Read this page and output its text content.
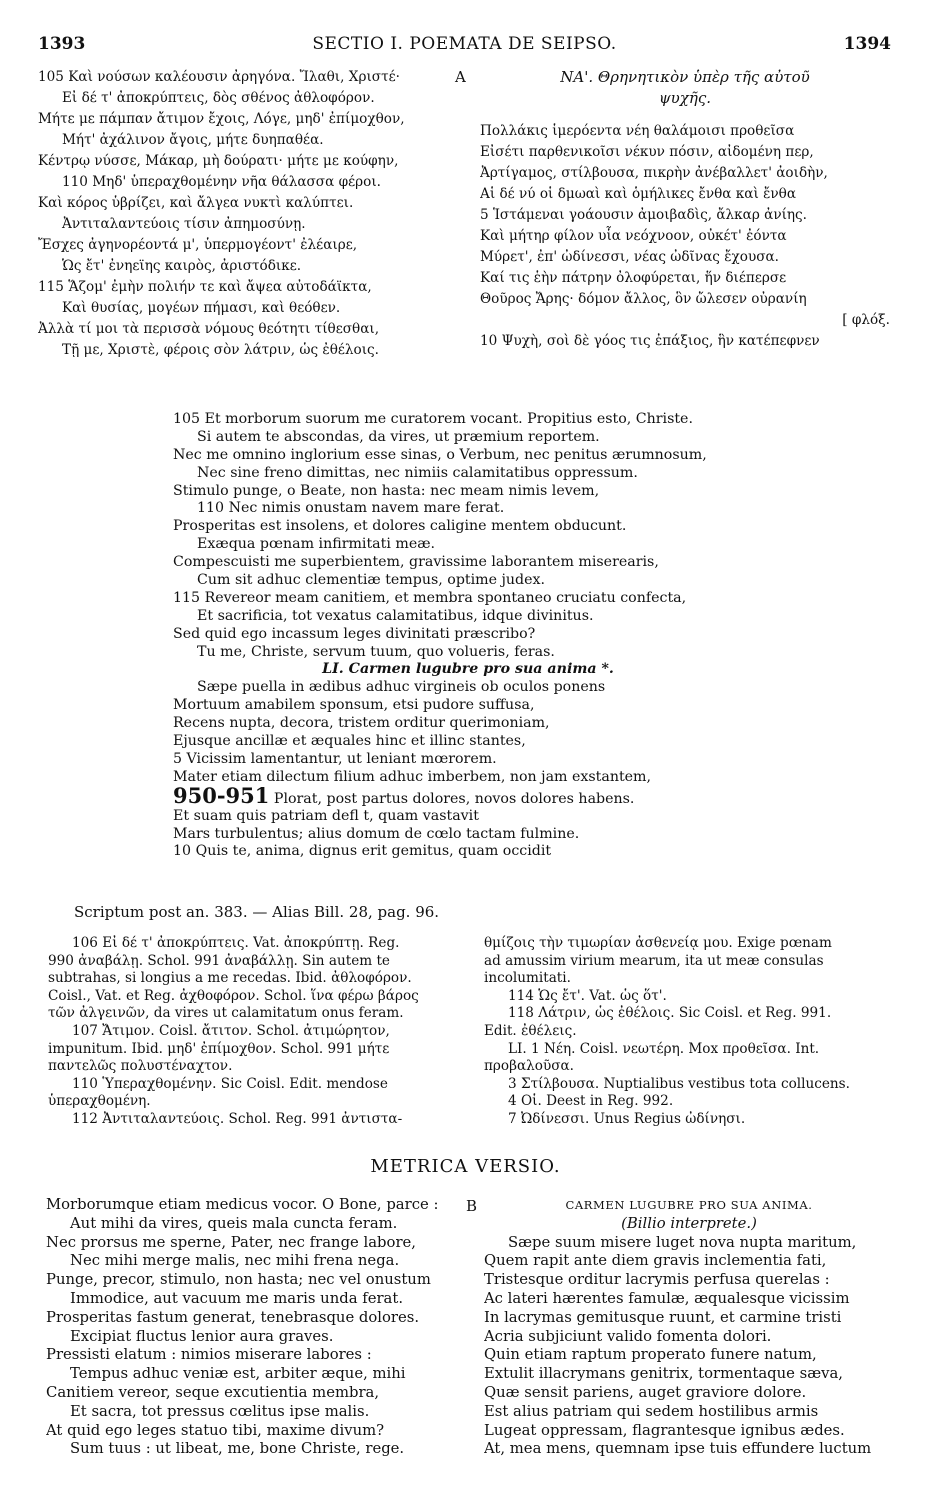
1393	SECTIO I. POEMATA DE SEIPSO.	1394
105 Καὶ νούσων καλέουσιν ἀρηγόνα. Ἴλαθι, Χριστέ·
Εἰ δέ τ' ἀποκρύπτεις, δὸς σθένος ἀθλοφόρον.
Μήτε με πάμπαν ἄτιμον ἔχοις, Λόγε, μηδ' ἐπίμοχθον,
Μήτ' ἀχάλινον ἄγοις, μήτε δυηπαθέα.
Κέντρῳ νύσσε, Μάκαρ, μὴ δούρατι· μήτε με κούφην,
110 Μηδ' ὑπεραχθομένην νῆα θάλασσα φέροι.
Καὶ κόρος ὑβρίζει, καὶ ἄλγεα νυκτὶ καλύπτει.
Ἀντιταλαντεύοις τίσιν ἀπημοσύνῃ.
Ἔσχες ἀγηνορέοντά μ', ὑπερμογέοντ' ἐλέαιρε,
Ὡς ἔτ' ἐνηεϊης καιρὸς, ἀριστόδικε.
115 Ἅζομ' ἐμὴν πολιήν τε καὶ ἄψεα αὐτοδάϊκτα,
Καὶ θυσίας, μογέων πήμασι, καὶ θεόθεν.
Ἀλλὰ τί μοι τὰ περισσὰ νόμους θεότητι τίθεσθαι,
Τῇ με, Χριστὲ, φέροις σὸν λάτριν, ὡς ἐθέλοις.
A	ΝΑ'. Θρηνητικὸν ὑπὲρ τῆς αὐτοῦ
ψυχῆς.
Πολλάκις ἱμερόεντα νέη θαλάμοισι προθεῖσα
Εἰσέτι παρθενικοῖσι νέκυν πόσιν, αἰδομένη περ,
Ἀρτίγαμος, στίλβουσα, πικρὴν ἀνέβαλλετ' ἀοιδὴν,
Αἱ δέ νύ οἱ δμωαὶ καὶ ὁμήλικες ἔνθα καὶ ἔνθα
5 Ἱστάμεναι γοάουσιν ἀμοιβαδὶς, ἄλκαρ ἀνίης.
Καὶ μήτηρ φίλον υἷα νεόχνοον, οὐκέτ' ἐόντα
Μύρετ', ἐπ' ὠδίνεσσι, νέας ὠδῖνας ἔχουσα.
Καί τις ἑὴν πάτρην ὀλοφύρεται, ἥν διέπερσε
Θοῦρος Ἄρης· δόμον ἄλλος, ὃν ὤλεσεν οὐρανίη
[ φλόξ.
10 Ψυχὴ, σοὶ δὲ γόος τις ἐπάξιος, ἣν κατέπεφνεν
105 Et morborum suorum me curatorem vocant. Propitius esto, Christe.
Si autem te abscondas, da vires, ut præmium reportem.
Nec me omnino inglorium esse sinas, o Verbum, nec penitus ærumnosum,
Nec sine freno dimittas, nec nimiis calamitatibus oppressum.
Stimulo punge, o Beate, non hasta: nec meam nimis levem,
110 Nec nimis onustam navem mare ferat.
Prosperitas est insolens, et dolores caligine mentem obducunt.
Exæqua pœnam infirmitati meæ.
Compescuisti me superbientem, gravissime laborantem miserearis,
Cum sit adhuc clementiæ tempus, optime judex.
115 Revereor meam canitiem, et membra spontaneo cruciatu confecta,
Et sacrificia, tot vexatus calamitatibus, idque divinitus.
Sed quid ego incassum leges divinitati præscribo?
Tu me, Christe, servum tuum, quo volueris, feras.
LI. Carmen lugubre pro sua anima *.
Sæpe puella in ædibus adhuc virgineis ob oculos ponens
Mortuum amabilem sponsum, etsi pudore suffusa,
Recens nupta, decora, tristem orditur querimoniam,
Ejusque ancillæ et æquales hinc et illinc stantes,
5 Vicissim lamentantur, ut leniant mœrorem.
Mater etiam dilectum filium adhuc imberbem, non jam exstantem,
950-951 Plorat, post partus dolores, novos dolores habens.
Et suam quis patriam defl t, quam vastavit
Mars turbulentus; alius domum de cœlo tactam fulmine.
10 Quis te, anima, dignus erit gemitus, quam occidit
Scriptum post an. 383. — Alias Bill. 28, pag. 96.
106 Εἰ δέ τ' ἀποκρύπτεις. Vat. ἀποκρύπτῃ. Reg.
990 ἀναβάλῃ. Schol. 991 ἀναβάλλῃ. Sin autem te
subtrahas, si longius a me recedas. Ibid. ἀθλοφόρον.
Coisl., Vat. et Reg. ἀχθοφόρον. Schol. ἵνα φέρω βάρος
τῶν ἀλγεινῶν, da vires ut calamitatum onus feram.
107 Ἄτιμον. Coisl. ἄτιτον. Schol. ἀτιμώρητον,
impunitum. Ibid. μηδ' ἐπίμοχθον. Schol. 991 μήτε
παντελῶς πολυστέναχτον.
110 Ὑπεραχθομένην. Sic Coisl. Edit. mendose
ὑπεραχθομένη.
112 Ἀντιταλαντεύοις. Schol. Reg. 991 ἀντιστα-
θμίζοις τὴν τιμωρίαν ἀσθενείᾳ μου. Exige pœnam
ad amussim virium mearum, ita ut meæ consulas
incolumitati.
114 Ὡς ἔτ'. Vat. ὡς ὅτ'.
118 Λάτριν, ὡς ἐθέλοις. Sic Coisl. et Reg. 991.
Edit. ἐθέλεις.
LI. 1 Νέη. Coisl. νεωτέρη. Mox προθεῖσα. Int.
προβαλοῦσα.
3 Στίλβουσα. Nuptialibus vestibus tota collucens.
4 Οἱ. Deest in Reg. 992.
7 Ὠδίνεσσι. Unus Regius ὠδίνησι.
METRICA VERSIO.
Morborumque etiam medicus vocor. O Bone, parce :
Aut mihi da vires, queis mala cuncta feram.
Nec prorsus me sperne, Pater, nec frange labore,
Nec mihi merge malis, nec mihi frena nega.
Punge, precor, stimulo, non hasta; nec vel onustum
Immodice, aut vacuum me maris unda ferat.
Prosperitas fastum generat, tenebrasque dolores.
Excipiat fluctus lenior aura graves.
Pressisti elatum : nimios miserare labores :
Tempus adhuc veniæ est, arbiter æque, mihi
Canitiem vereor, seque excutientia membra,
Et sacra, tot pressus cœlitus ipse malis.
At quid ego leges statuo tibi, maxime divum?
Sum tuus : ut libeat, me, bone Christe, rege.
B	CARMEN LUGUBRE PRO SUA ANIMA.
(Billio interprete.)
Sæpe suum misere luget nova nupta maritum,
Quem rapit ante diem gravis inclementia fati,
Tristesque orditur lacrymis perfusa querelas :
Ac lateri hærentes famulæ, æqualesque vicissim
In lacrymas gemitusque ruunt, et carmine tristi
Acria subjiciunt valido fomenta dolori.
Quin etiam raptum properato funere natum,
Extulit illacrymans genitrix, tormentaque sæva,
Quæ sensit pariens, auget graviore dolore.
Est alius patriam qui sedem hostilibus armis
Lugeat oppressam, flagrantesque ignibus ædes.
At, mea mens, quemnam ipse tuis effundere luctum
